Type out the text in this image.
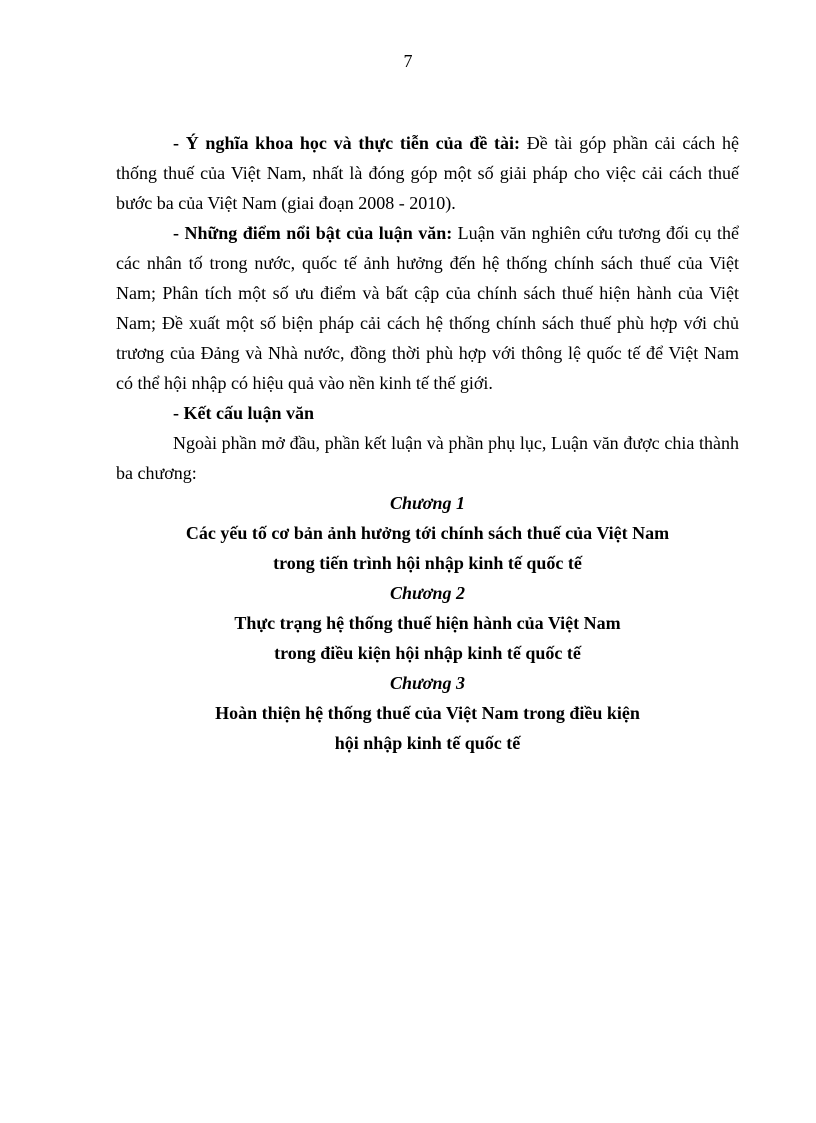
7

- Ý nghĩa khoa học và thực tiễn của đề tài: Đề tài góp phần cải cách hệ thống thuế của Việt Nam, nhất là đóng góp một số giải pháp cho việc cải cách thuế bước ba của Việt Nam (giai đoạn 2008 - 2010).

- Những điểm nổi bật của luận văn: Luận văn nghiên cứu tương đối cụ thể các nhân tố trong nước, quốc tế ảnh hưởng đến hệ thống chính sách thuế của Việt Nam; Phân tích một số ưu điểm và bất cập của chính sách thuế hiện hành của Việt Nam; Đề xuất một số biện pháp cải cách hệ thống chính sách thuế phù hợp với chủ trương của Đảng và Nhà nước, đồng thời phù hợp với thông lệ quốc tế để Việt Nam có thể hội nhập có hiệu quả vào nền kinh tế thế giới.

- Kết cấu luận văn

Ngoài phần mở đầu, phần kết luận và phần phụ lục, Luận văn được chia thành ba chương:

Chương 1
Các yếu tố cơ bản ảnh hưởng tới chính sách thuế của Việt Nam
trong tiến trình hội nhập kinh tế quốc tế
Chương 2
Thực trạng hệ thống thuế hiện hành của Việt Nam
trong điều kiện hội nhập kinh tế quốc tế
Chương 3
Hoàn thiện hệ thống thuế của Việt Nam trong điều kiện
hội nhập kinh tế quốc tế
